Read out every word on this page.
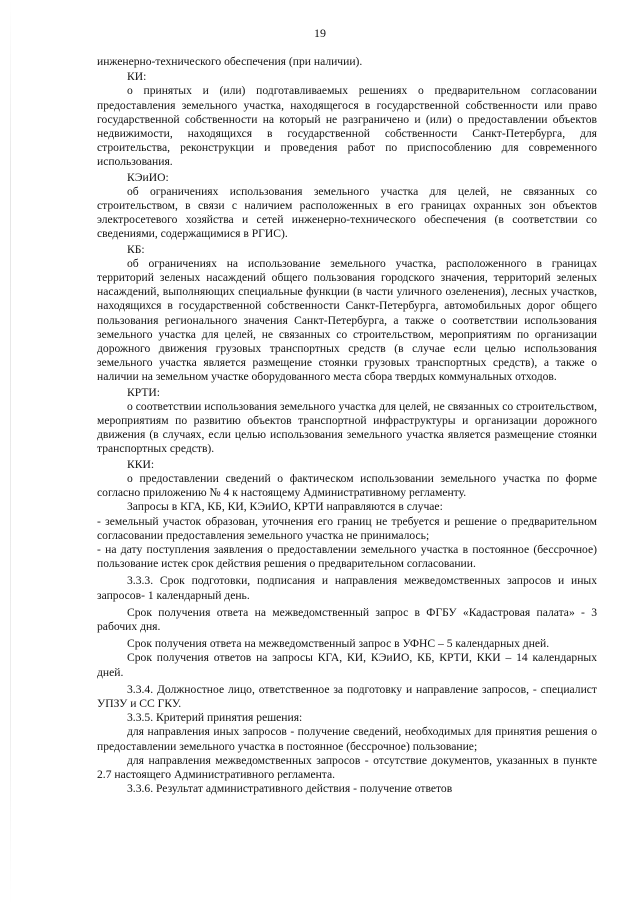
19

инженерно-технического обеспечения (при наличии).

КИ:

о принятых и (или) подготавливаемых решениях о предварительном согласовании предоставления земельного участка, находящегося в государственной собственности или право государственной собственности на который не разграничено и (или) о предоставлении объектов недвижимости, находящихся в государственной собственности Санкт-Петербурга, для строительства, реконструкции и проведения работ по приспособлению для современного использования.

КЭиИО:

об ограничениях использования земельного участка для целей, не связанных со строительством, в связи с наличием расположенных в его границах охранных зон объектов электросетевого хозяйства и сетей инженерно-технического обеспечения (в соответствии со сведениями, содержащимися в РГИС).

КБ:

об ограничениях на использование земельного участка, расположенного в границах территорий зеленых насаждений общего пользования городского значения, территорий зеленых насаждений, выполняющих специальные функции (в части уличного озеленения), лесных участков, находящихся в государственной собственности Санкт-Петербурга, автомобильных дорог общего пользования регионального значения Санкт-Петербурга, а также о соответствии использования земельного участка для целей, не связанных со строительством, мероприятиям по организации дорожного движения грузовых транспортных средств (в случае если целью использования земельного участка является размещение стоянки грузовых транспортных средств), а также о наличии на земельном участке оборудованного места сбора твердых коммунальных отходов.

КРТИ:

о соответствии использования земельного участка для целей, не связанных со строительством, мероприятиям по развитию объектов транспортной инфраструктуры и организации дорожного движения (в случаях, если целью использования земельного участка является размещение стоянки транспортных средств).

ККИ:

о предоставлении сведений о фактическом использовании земельного участка по форме согласно приложению № 4 к настоящему Административному регламенту.

Запросы в КГА, КБ, КИ, КЭиИО, КРТИ направляются в случае:

- земельный участок образован, уточнения его границ не требуется и решение о предварительном согласовании предоставления земельного участка не принималось;

- на дату поступления заявления о предоставлении земельного участка в постоянное (бессрочное) пользование истек срок действия решения о предварительном согласовании.

3.3.3. Срок подготовки, подписания и направления межведомственных запросов и иных запросов- 1 календарный день.

Срок получения ответа на межведомственный запрос в ФГБУ «Кадастровая палата» - 3 рабочих дня.

Срок получения ответа на межведомственный запрос в УФНС – 5 календарных дней.

Срок получения ответов на запросы КГА, КИ, КЭиИО, КБ, КРТИ, ККИ – 14 календарных дней.

3.3.4. Должностное лицо, ответственное за подготовку и направление запросов, - специалист УПЗУ и СС ГКУ.

3.3.5. Критерий принятия решения:

для направления иных запросов - получение сведений, необходимых для принятия решения о предоставлении земельного участка в постоянное (бессрочное) пользование;

для направления межведомственных запросов - отсутствие документов, указанных в пункте 2.7 настоящего Административного регламента.

3.3.6. Результат административного действия - получение ответов
